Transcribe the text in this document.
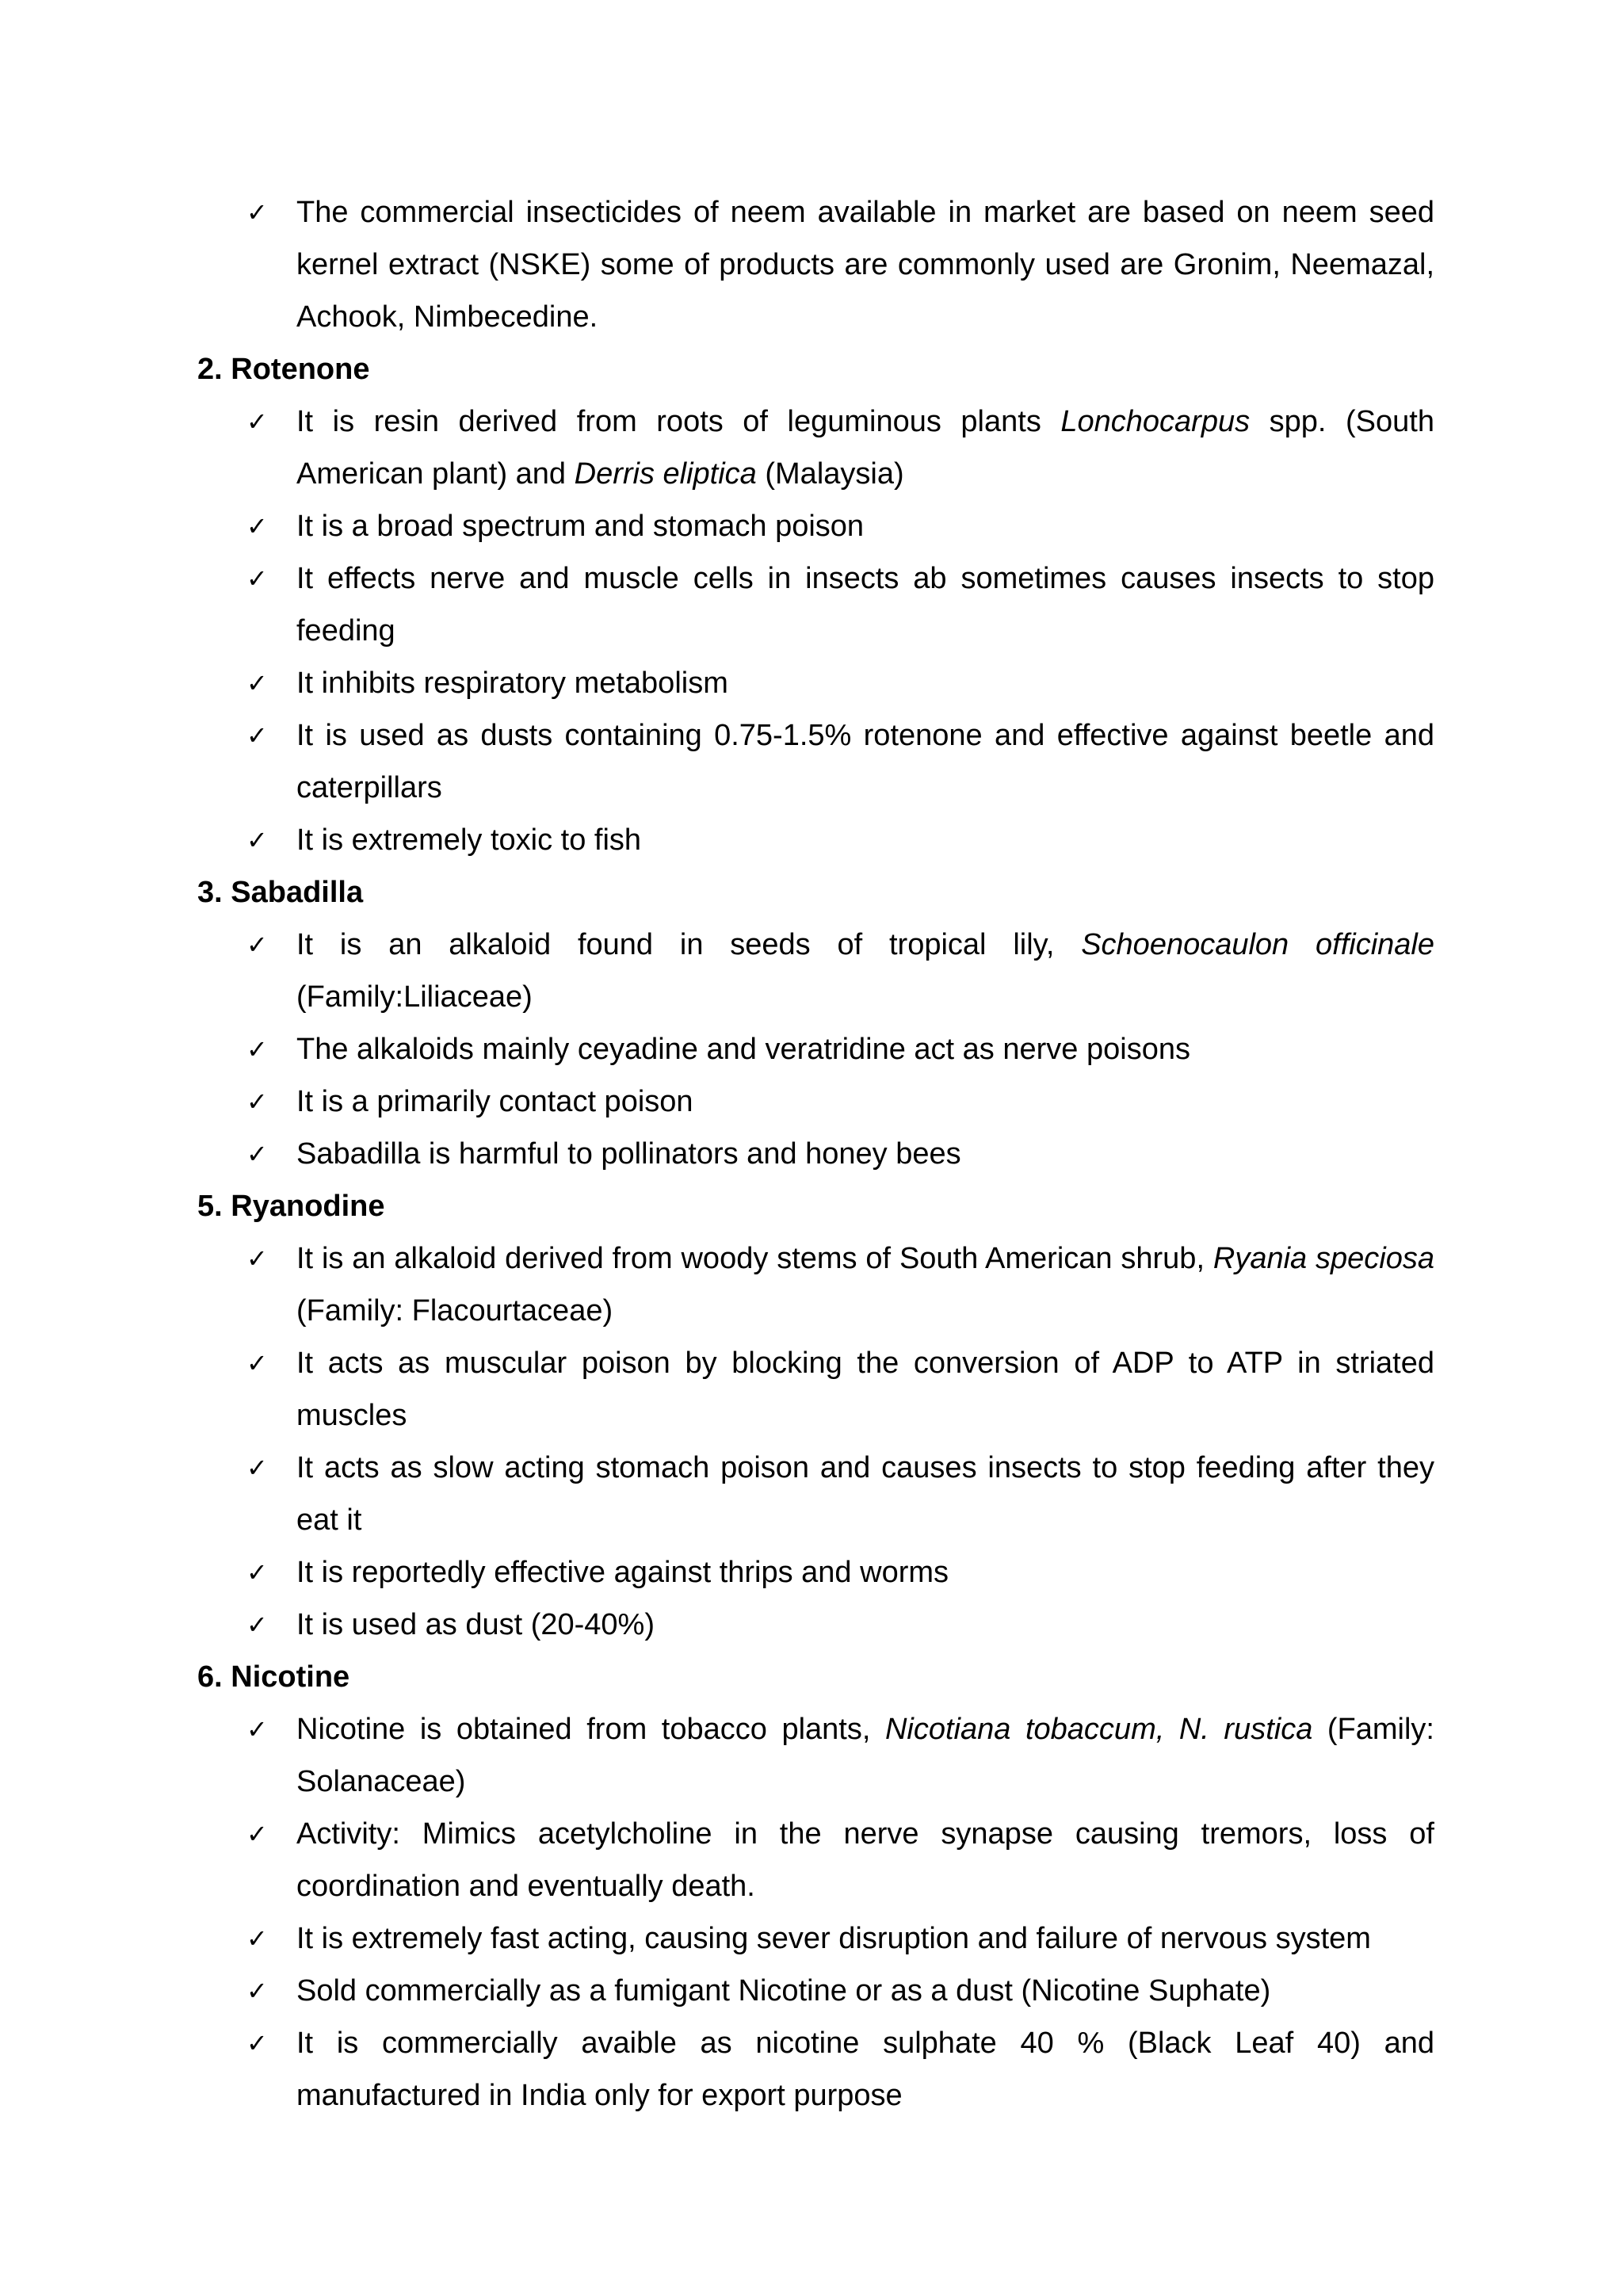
✓ The commercial insecticides of neem available in market are based on neem seed kernel extract (NSKE) some of products are commonly used are Gronim, Neemazal, Achook, Nimbecedine.
2. Rotenone
✓ It is resin derived from roots of leguminous plants Lonchocarpus spp. (South American plant) and Derris eliptica (Malaysia)
✓ It is a broad spectrum and stomach poison
✓ It effects nerve and muscle cells in insects ab sometimes causes insects to stop feeding
✓ It inhibits respiratory metabolism
✓ It is used as dusts containing 0.75-1.5% rotenone and effective against beetle and caterpillars
✓ It is extremely toxic to fish
3. Sabadilla
✓ It is an alkaloid found in seeds of tropical lily, Schoenocaulon officinale (Family:Liliaceae)
✓ The alkaloids mainly ceyadine and veratridine act as nerve poisons
✓ It is a primarily contact poison
✓ Sabadilla is harmful to pollinators and honey bees
5. Ryanodine
✓ It is an alkaloid derived from woody stems of South American shrub, Ryania speciosa (Family: Flacourtaceae)
✓ It acts as muscular poison by blocking the conversion of ADP to ATP in striated muscles
✓ It acts as slow acting stomach poison and causes insects to stop feeding after they eat it
✓ It is reportedly effective against thrips and worms
✓ It is used as dust (20-40%)
6. Nicotine
✓ Nicotine is obtained from tobacco plants, Nicotiana tobaccum, N. rustica (Family: Solanaceae)
✓ Activity: Mimics acetylcholine in the nerve synapse causing tremors, loss of coordination and eventually death.
✓ It is extremely fast acting, causing sever disruption and failure of nervous system
✓ Sold commercially as a fumigant Nicotine or as a dust (Nicotine Suphate)
✓ It is commercially avaible as nicotine sulphate 40 % (Black Leaf 40) and manufactured in India only for export purpose
